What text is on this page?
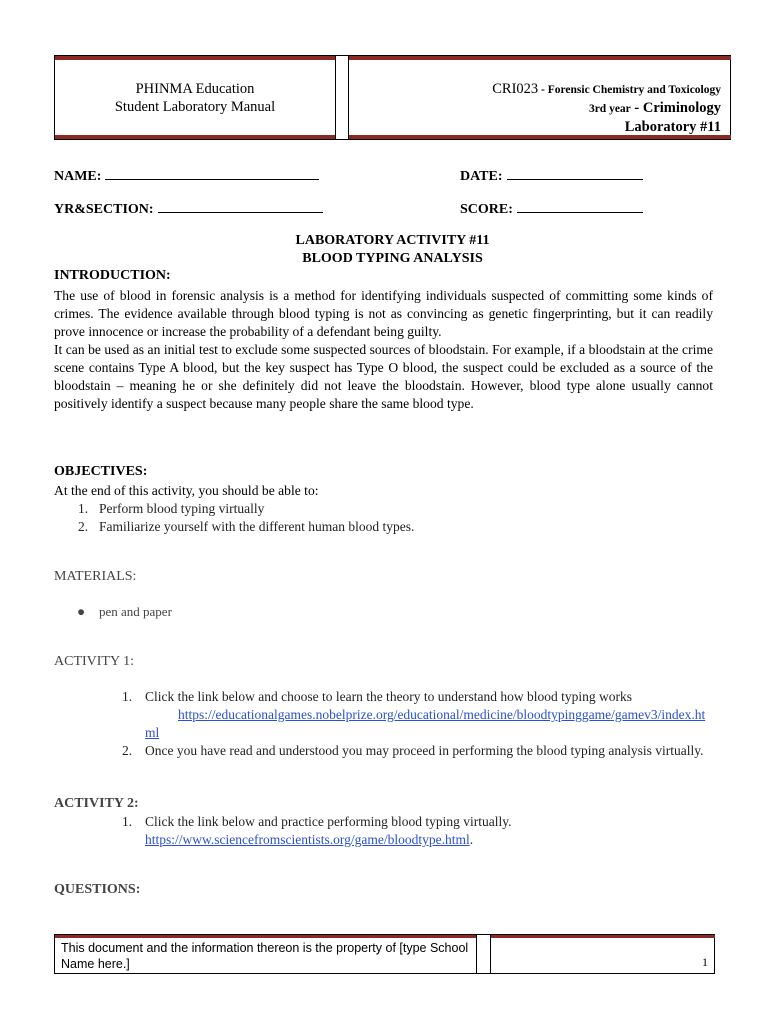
PHINMA Education
Student Laboratory Manual
CRI023 - Forensic Chemistry and Toxicology
3rd year - Criminology
Laboratory #11
NAME:	DATE:
YR&SECTION:	SCORE:
LABORATORY ACTIVITY #11
BLOOD TYPING ANALYSIS
INTRODUCTION:
The use of blood in forensic analysis is a method for identifying individuals suspected of committing some kinds of crimes. The evidence available through blood typing is not as convincing as genetic fingerprinting, but it can readily prove innocence or increase the probability of a defendant being guilty.
It can be used as an initial test to exclude some suspected sources of bloodstain. For example, if a bloodstain at the crime scene contains Type A blood, but the key suspect has Type O blood, the suspect could be excluded as a source of the bloodstain – meaning he or she definitely did not leave the bloodstain. However, blood type alone usually cannot positively identify a suspect because many people share the same blood type.
OBJECTIVES:
At the end of this activity, you should be able to:
1. Perform blood typing virtually
2. Familiarize yourself with the different human blood types.
MATERIALS:
● pen and paper
ACTIVITY 1:
1. Click the link below and choose to learn the theory to understand how blood typing works
https://educationalgames.nobelprize.org/educational/medicine/bloodtypinggame/gamev3/index.html
2. Once you have read and understood you may proceed in performing the blood typing analysis virtually.
ACTIVITY 2:
1. Click the link below and practice performing blood typing virtually.
https://www.sciencefromscientists.org/game/bloodtype.html.
QUESTIONS:
This document and the information thereon is the property of [type School Name here.]	1
